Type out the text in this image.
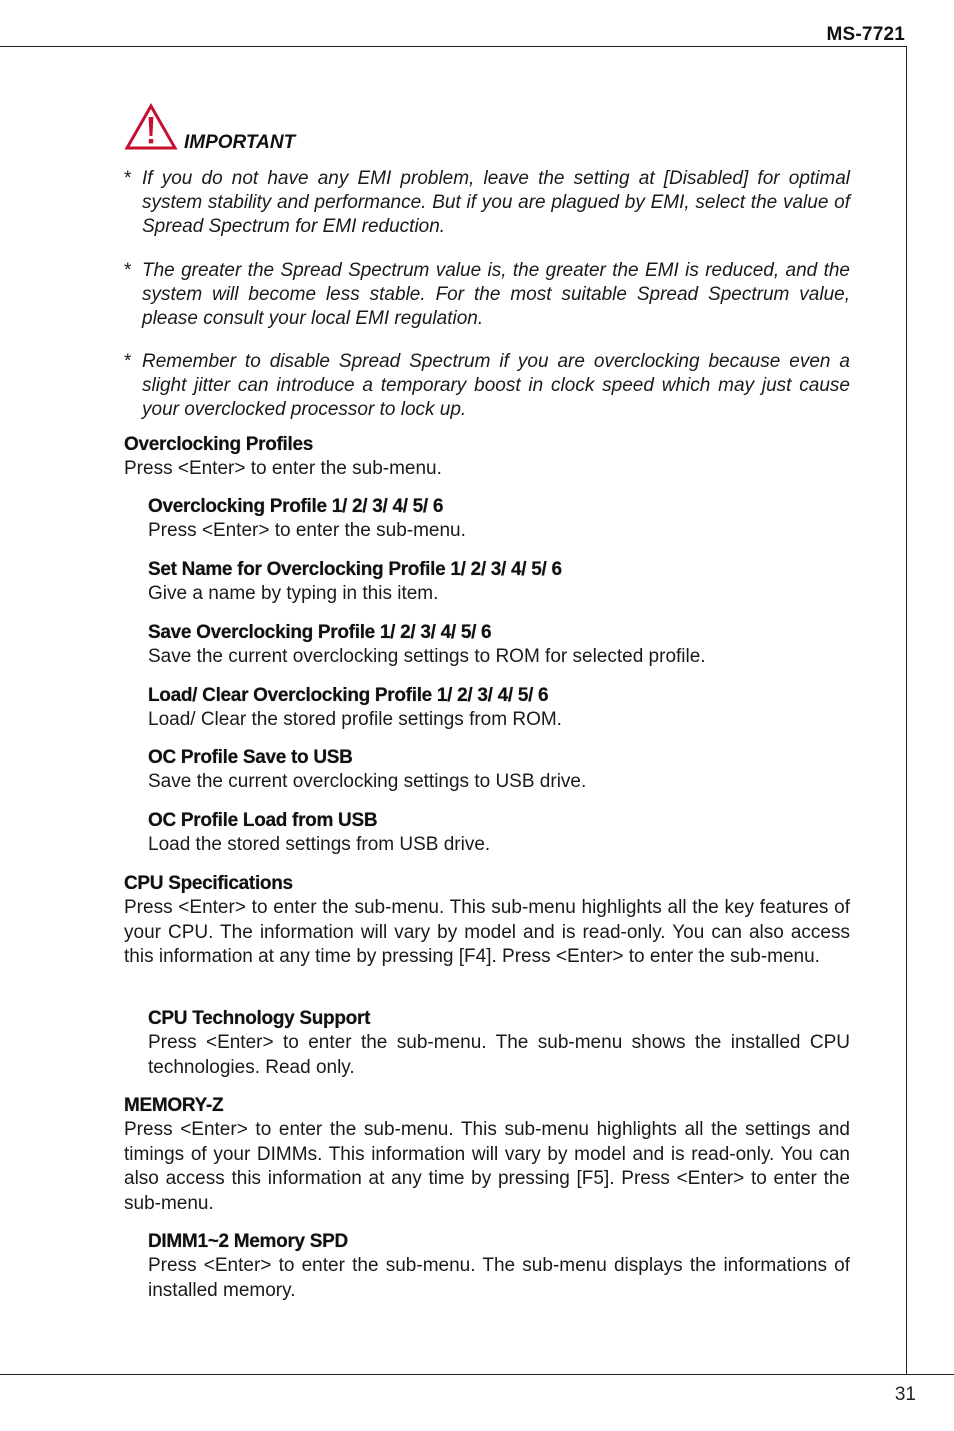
MS-7721
IMPORTANT
* If you do not have any EMI problem, leave the setting at [Disabled] for optimal system stability and performance. But if you are plagued by EMI, select the value of Spread Spectrum for EMI reduction.
* The greater the Spread Spectrum value is, the greater the EMI is reduced, and the system will become less stable. For the most suitable Spread Spectrum value, please consult your local EMI regulation.
* Remember to disable Spread Spectrum if you are overclocking because even a slight jitter can introduce a temporary boost in clock speed which may just cause your overclocked processor to lock up.
Overclocking Profiles

Press <Enter> to enter the sub-menu.

Overclocking Profile 1/ 2/ 3/ 4/ 5/ 6

Press <Enter> to enter the sub-menu.

Set Name for Overclocking Profile 1/ 2/ 3/ 4/ 5/ 6

Give a name by typing in this item.

Save Overclocking Profile 1/ 2/ 3/ 4/ 5/ 6

Save the current overclocking settings to ROM for selected profile.

Load/ Clear Overclocking Profile 1/ 2/ 3/ 4/ 5/ 6

Load/ Clear the stored profile settings from ROM.

OC Profile Save to USB

Save the current overclocking settings to USB drive.

OC Profile Load from USB

Load the stored settings from USB drive.

CPU Specifications

Press <Enter> to enter the sub-menu. This sub-menu highlights all the key features of your CPU. The information will vary by model and is read-only. You can also access this information at any time by pressing [F4]. Press <Enter> to enter the sub-menu.

CPU Technology Support

Press <Enter> to enter the sub-menu. The sub-menu shows the installed CPU technologies. Read only.

MEMORY-Z

Press <Enter> to enter the sub-menu. This sub-menu highlights all the settings and timings of your DIMMs. This information will vary by model and is read-only. You can also access this information at any time by pressing [F5]. Press <Enter> to enter the sub-menu.

DIMM1~2 Memory SPD

Press <Enter> to enter the sub-menu. The sub-menu displays the informations of installed memory.

31
